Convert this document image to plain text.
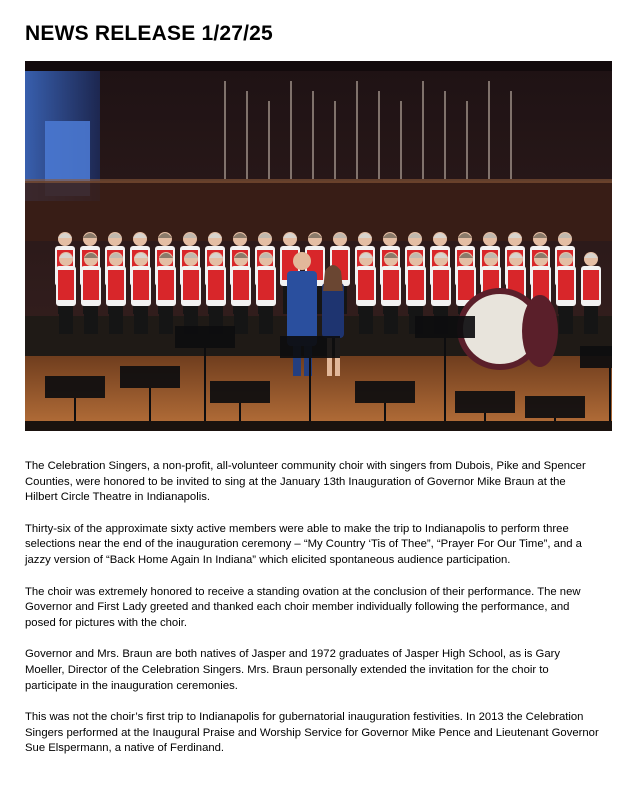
NEWS RELEASE 1/27/25

The Celebration Singers, a non-profit, all-volunteer community choir with singers from Dubois, Pike and Spencer Counties, were honored to be invited to sing at the January 13th Inauguration of Governor Mike Braun at the Hilbert Circle Theatre in Indianapolis.

Thirty-six of the approximate sixty active members were able to make the trip to Indianapolis to perform three selections near the end of the inauguration ceremony – “My Country ‘Tis of Thee”, “Prayer For Our Time”, and a jazzy version of “Back Home Again In Indiana” which elicited spontaneous audience participation.

The choir was extremely honored to receive a standing ovation at the conclusion of their performance. The new Governor and First Lady greeted and thanked each choir member individually following the performance, and posed for pictures with the choir.

Governor and Mrs. Braun are both natives of Jasper and 1972 graduates of Jasper High School, as is Gary Moeller, Director of the Celebration Singers. Mrs. Braun personally extended the invitation for the choir to participate in the inauguration ceremonies.

This was not the choir’s first trip to Indianapolis for gubernatorial inauguration festivities. In 2013 the Celebration Singers performed at the Inaugural Praise and Worship Service for Governor Mike Pence and Lieutenant Governor Sue Elspermann, a native of Ferdinand.
